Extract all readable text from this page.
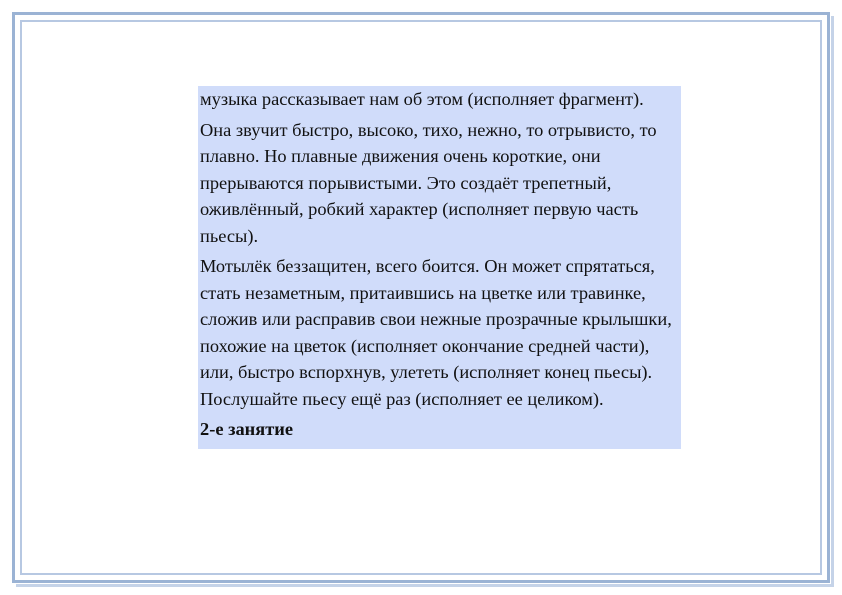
музыка рассказывает нам об этом (исполняет фрагмент).

Она звучит быстро, высоко, тихо, нежно, то отрывисто, то плавно. Но плавные движения очень короткие, они прерываются порывистыми. Это создаёт трепетный, оживлённый, робкий характер (исполняет первую часть пьесы).

Мотылёк беззащитен, всего боится. Он может спрятаться, стать незаметным, притаившись на цветке или травинке, сложив или расправив свои нежные прозрачные крылышки, похожие на цветок (исполняет окончание средней части), или, быстро вспорхнув, улететь (исполняет конец пьесы).

Послушайте пьесу ещё раз (исполняет ее целиком).

2-е занятие
